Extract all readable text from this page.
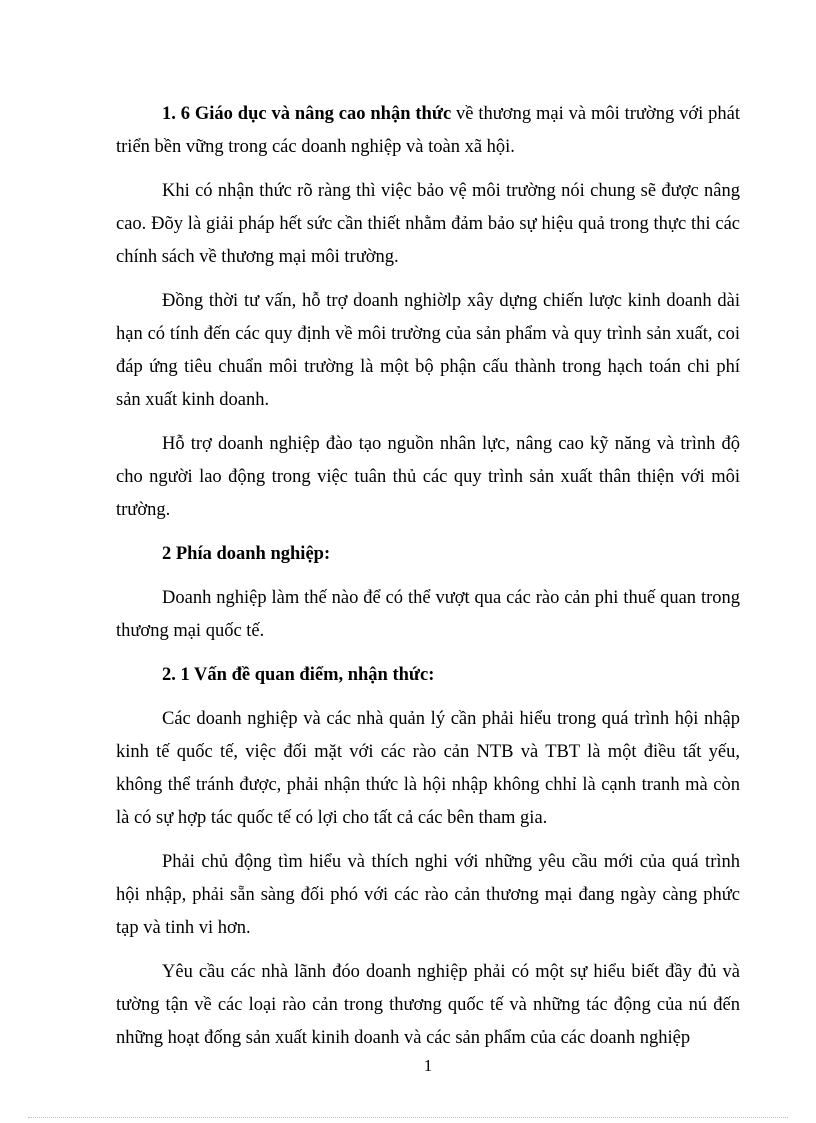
1. 6 Giáo dục và nâng cao nhận thức về thương mại và môi trường với phát triển bền vững trong các doanh nghiệp và toàn xã hội.

Khi có nhận thức rõ ràng thì việc bảo vệ môi trường nói chung sẽ được nâng cao. Đõy là giải pháp hết sức cần thiết nhằm đảm bảo sự hiệu quả trong thực thi các chính sách về thương mại môi trường.

Đồng thời tư vấn, hỗ trợ doanh nghiờlp xây dựng chiến lược kinh doanh dài hạn có tính đến các quy định về môi trường của sản phẩm và quy trình sản xuất, coi đáp ứng tiêu chuẩn môi trường là một bộ phận cấu thành trong hạch toán chi phí sản xuất kinh doanh.

Hỗ trợ doanh nghiệp đào tạo nguồn nhân lực, nâng cao kỹ năng và trình độ cho người lao động trong việc tuân thủ các quy trình sản xuất thân thiện với môi trường.

2 Phía doanh nghiệp:

Doanh nghiệp làm thế nào để có thể vượt qua các rào cản phi thuế quan trong thương mại quốc tế.

2. 1 Vấn đề quan điểm, nhận thức:

Các doanh nghiệp và các nhà quản lý cần phải hiểu trong quá trình hội nhập kinh tế quốc tế, việc đối mặt với các rào cản NTB và TBT là một điều tất yếu, không thể tránh được, phải nhận thức là hội nhập không chhỉ là cạnh tranh mà còn là có sự hợp tác quốc tế có lợi cho tất cả các bên tham gia.

Phải chủ động tìm hiểu và thích nghi với những yêu cầu mới của quá trình hội nhập, phải sẵn sàng đối phó với các rào cản thương mại đang ngày càng phức tạp và tinh vi hơn.

Yêu cầu các nhà lãnh đóo doanh nghiệp phải có một sự hiểu biết đầy đủ và tường tận về các loại rào cản trong thương quốc tế và những tác động của nú đến những hoạt đống sản xuất kinih doanh và các sản phẩm của các doanh nghiệp

1
